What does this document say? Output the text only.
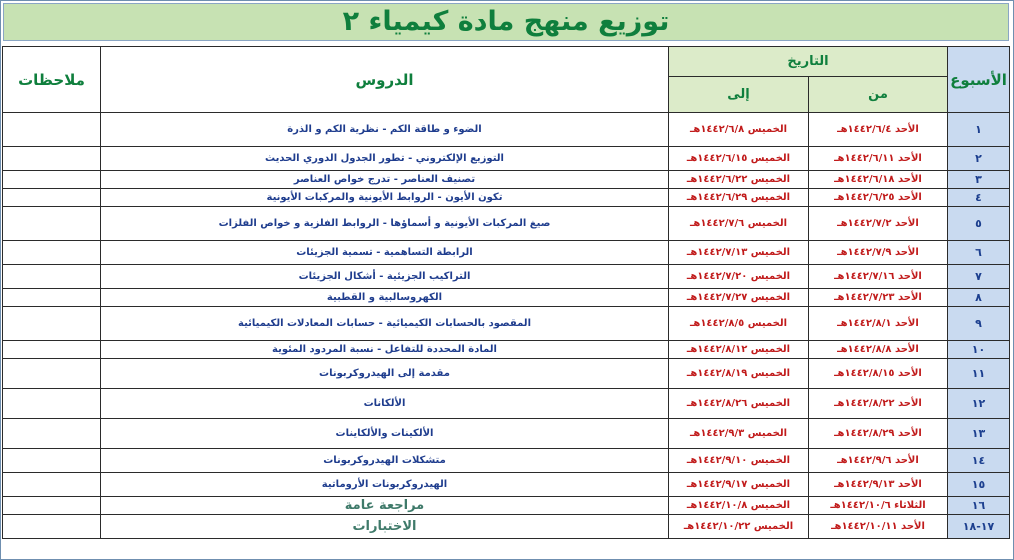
توزيع منهج مادة كيمياء ٢
الأسبوع	التاريخ		الدروس	ملاحظات
	من	إلى		
١	الأحد ١٤٤٢/٦/٤هـ	الخميس ١٤٤٢/٦/٨هـ	الضوء و طاقة الكم - نظرية الكم و الذرة	
٢	الأحد ١٤٤٢/٦/١١هـ	الخميس ١٤٤٢/٦/١٥هـ	التوزيع الإلكتروني - تطور الجدول الدوري الحديث	
٣	الأحد ١٤٤٢/٦/١٨هـ	الخميس ١٤٤٢/٦/٢٢هـ	تصنيف العناصر - تدرج خواص العناصر	
٤	الأحد ١٤٤٢/٦/٢٥هـ	الخميس ١٤٤٢/٦/٢٩هـ	تكون الأيون - الروابط الأيونية والمركبات الأيونية	
٥	الأحد ١٤٤٢/٧/٢هـ	الخميس ١٤٤٢/٧/٦هـ	صيغ المركبات الأيونية و أسماؤها - الروابط الفلزية و خواص الفلزات	
٦	الأحد ١٤٤٢/٧/٩هـ	الخميس ١٤٤٢/٧/١٣هـ	الرابطة التساهمية - تسمية الجزيئات	
٧	الأحد ١٤٤٢/٧/١٦هـ	الخميس ١٤٤٢/٧/٢٠هـ	التراكيب الجزيئية - أشكال الجزيئات	
٨	الأحد ١٤٤٢/٧/٢٣هـ	الخميس ١٤٤٢/٧/٢٧هـ	الكهروسالبية و القطبية	
٩	الأحد ١٤٤٢/٨/١هـ	الخميس ١٤٤٢/٨/٥هـ	المقصود بالحسابات الكيميائية - حسابات المعادلات الكيميائية	
١٠	الأحد ١٤٤٢/٨/٨هـ	الخميس ١٤٤٢/٨/١٢هـ	المادة المحددة للتفاعل - نسبة المردود المئوية	
١١	الأحد ١٤٤٢/٨/١٥هـ	الخميس ١٤٤٢/٨/١٩هـ	مقدمة إلى الهيدروكربونات	
١٢	الأحد ١٤٤٢/٨/٢٢هـ	الخميس ١٤٤٢/٨/٢٦هـ	الألكانات	
١٣	الأحد ١٤٤٢/٨/٢٩هـ	الخميس ١٤٤٢/٩/٣هـ	الألكينات والألكاينات	
١٤	الأحد ١٤٤٢/٩/٦هـ	الخميس ١٤٤٢/٩/١٠هـ	متشكلات الهيدروكربونات	
١٥	الأحد ١٤٤٢/٩/١٣هـ	الخميس ١٤٤٢/٩/١٧هـ	الهيدروكربونات الأروماتية	
١٦	الثلاثاء ١٤٤٢/١٠/٦هـ	الخميس ١٤٤٢/١٠/٨هـ	مراجعة عامة	
١٧-١٨	الأحد ١٤٤٢/١٠/١١هـ	الخميس ١٤٤٢/١٠/٢٢هـ	الاختبارات	
